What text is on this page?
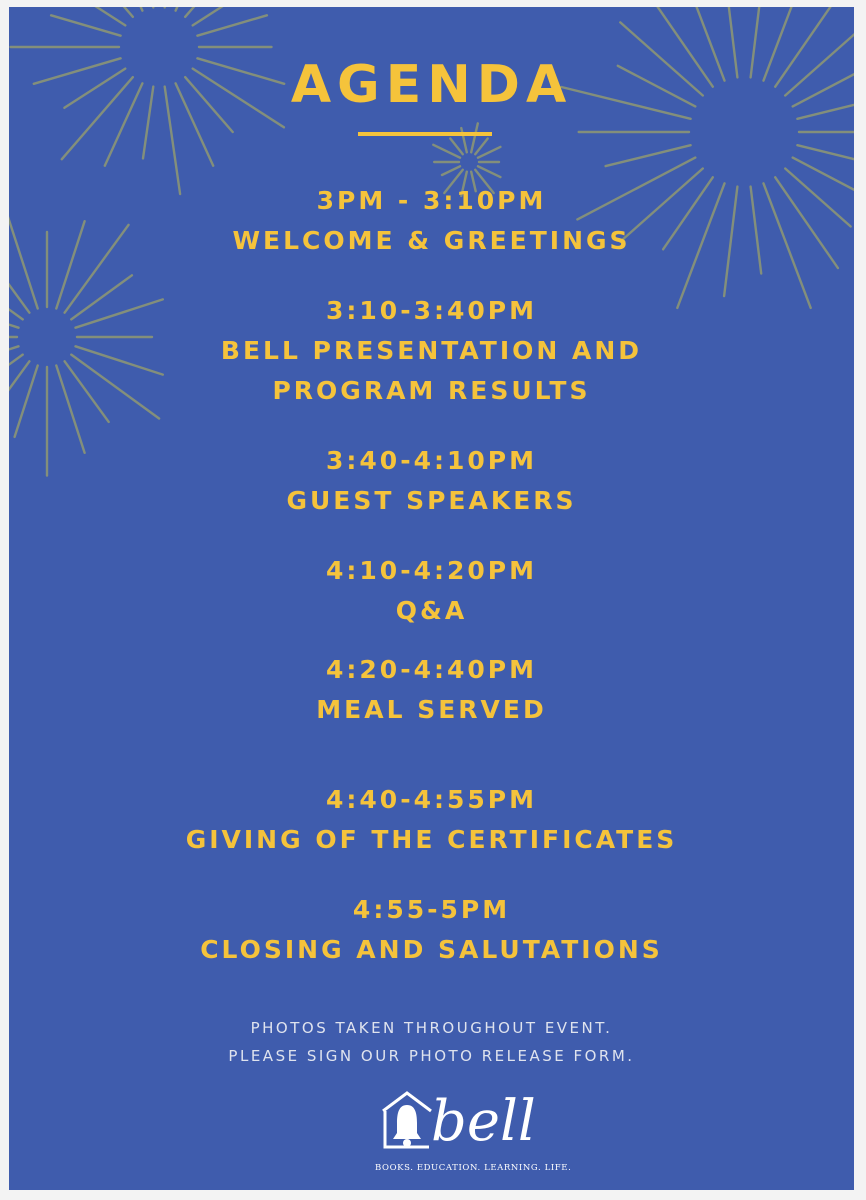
AGENDA
3PM - 3:10PM
WELCOME & GREETINGS
3:10-3:40PM
BELL PRESENTATION AND
PROGRAM RESULTS
3:40-4:10PM
GUEST SPEAKERS
4:10-4:20PM
Q&A
4:20-4:40PM
MEAL SERVED
4:40-4:55PM
GIVING OF THE CERTIFICATES
4:55-5PM
CLOSING AND SALUTATIONS
PHOTOS TAKEN THROUGHOUT EVENT.
PLEASE SIGN OUR PHOTO RELEASE FORM.
bell
BOOKS. EDUCATION. LEARNING. LIFE.
